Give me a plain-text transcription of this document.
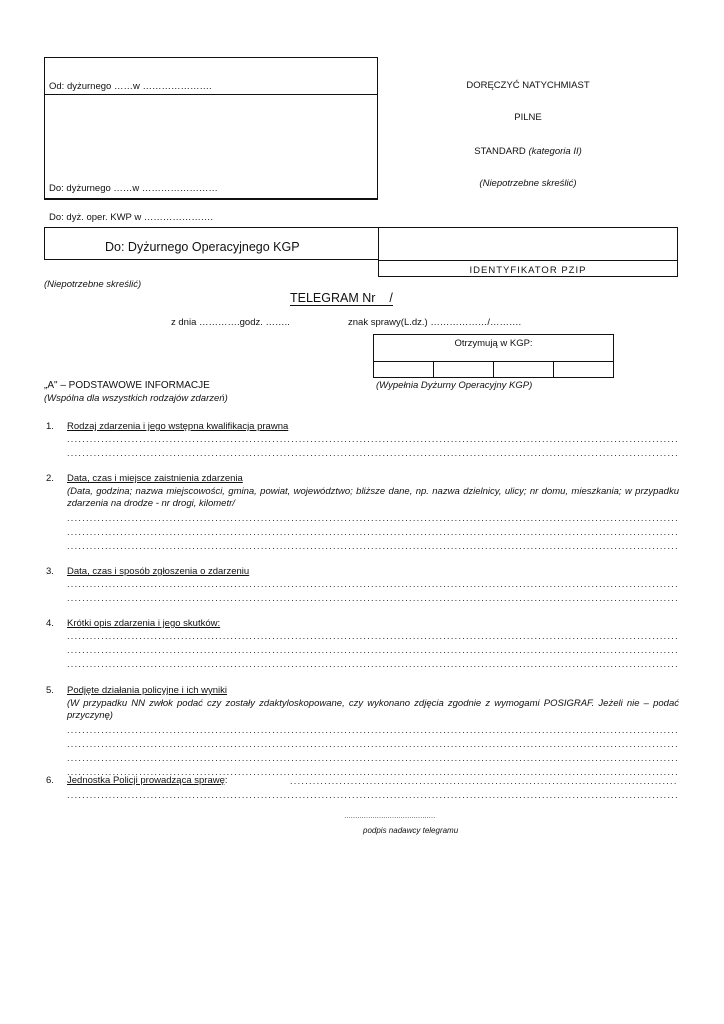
Od: dyżurnego ……w ………………….
Do: dyżurnego ……w ……………………
Do: dyż. oper. KWP w ………………….
Do: Dyżurnego Operacyjnego KGP
IDENTYFIKATOR PZIP
DORĘCZYĆ NATYCHMIAST
PILNE
STANDARD (kategoria II)
(Niepotrzebne skreślić)
(Niepotrzebne skreślić)
TELEGRAM Nr    /
z dnia ………….godz. ……..	znak sprawy(L.dz.) ………………/……….
Otrzymują w KGP:
(Wypełnia Dyżurny Operacyjny KGP)
„A" – PODSTAWOWE INFORMACJE
(Wspólna dla wszystkich rodzajów zdarzeń)
1. Rodzaj zdarzenia i jego wstępna kwalifikacja prawna
.....
.....
2. Data, czas i miejsce zaistnienia zdarzenia
(Data, godzina; nazwa miejscowości, gmina, powiat, województwo; bliższe dane, np. nazwa dzielnicy, ulicy; nr domu, mieszkania; w przypadku zdarzenia na drodze - nr drogi, kilometr/
.....
.....
.....
3. Data, czas i sposób zgłoszenia o zdarzeniu
.....
.....
4. Krótki opis zdarzenia i jego skutków:
.....
.....
.....
5. Podjęte działania policyjne i ich wyniki
(W przypadku NN zwłok podać czy zostały zdaktyloskopowane, czy wykonano zdjęcia zgodnie z wymogami POSIGRAF. Jeżeli nie – podać przyczynę)
.....
.....
.....
.....
6. Jednostka Policji prowadząca sprawę:
.....
.....
……………………………………
podpis nadawcy telegramu
